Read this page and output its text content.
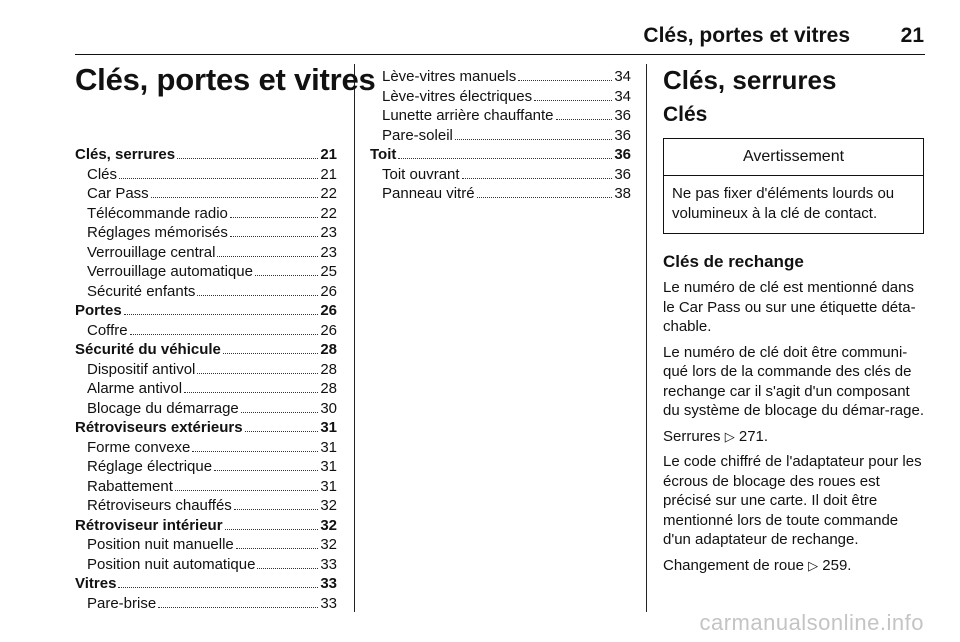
Clés, portes et vitres 21
Clés, portes et vitres
Clés, serrures	21
Clés	21
Car Pass	22
Télécommande radio	22
Réglages mémorisés	23
Verrouillage central	23
Verrouillage automatique	25
Sécurité enfants	26
Portes	26
Coffre	26
Sécurité du véhicule	28
Dispositif antivol	28
Alarme antivol	28
Blocage du démarrage	30
Rétroviseurs extérieurs	31
Forme convexe	31
Réglage électrique	31
Rabattement	31
Rétroviseurs chauffés	32
Rétroviseur intérieur	32
Position nuit manuelle	32
Position nuit automatique	33
Vitres	33
Pare-brise	33
Lève-vitres manuels	34
Lève-vitres électriques	34
Lunette arrière chauffante	36
Pare-soleil	36
Toit	36
Toit ouvrant	36
Panneau vitré	38
Clés, serrures
Clés
Avertissement
Ne pas fixer d'éléments lourds ou volumineux à la clé de contact.
Clés de rechange

Le numéro de clé est mentionné dans le Car Pass ou sur une étiquette déta-chable.

Le numéro de clé doit être communi-qué lors de la commande des clés de rechange car il s'agit d'un composant du système de blocage du démar-rage.

Serrures ▷ 271.

Le code chiffré de l'adaptateur pour les écrous de blocage des roues est précisé sur une carte. Il doit être mentionné lors de toute commande d'un adaptateur de rechange.

Changement de roue ▷ 259.

carmanualsonline.info
